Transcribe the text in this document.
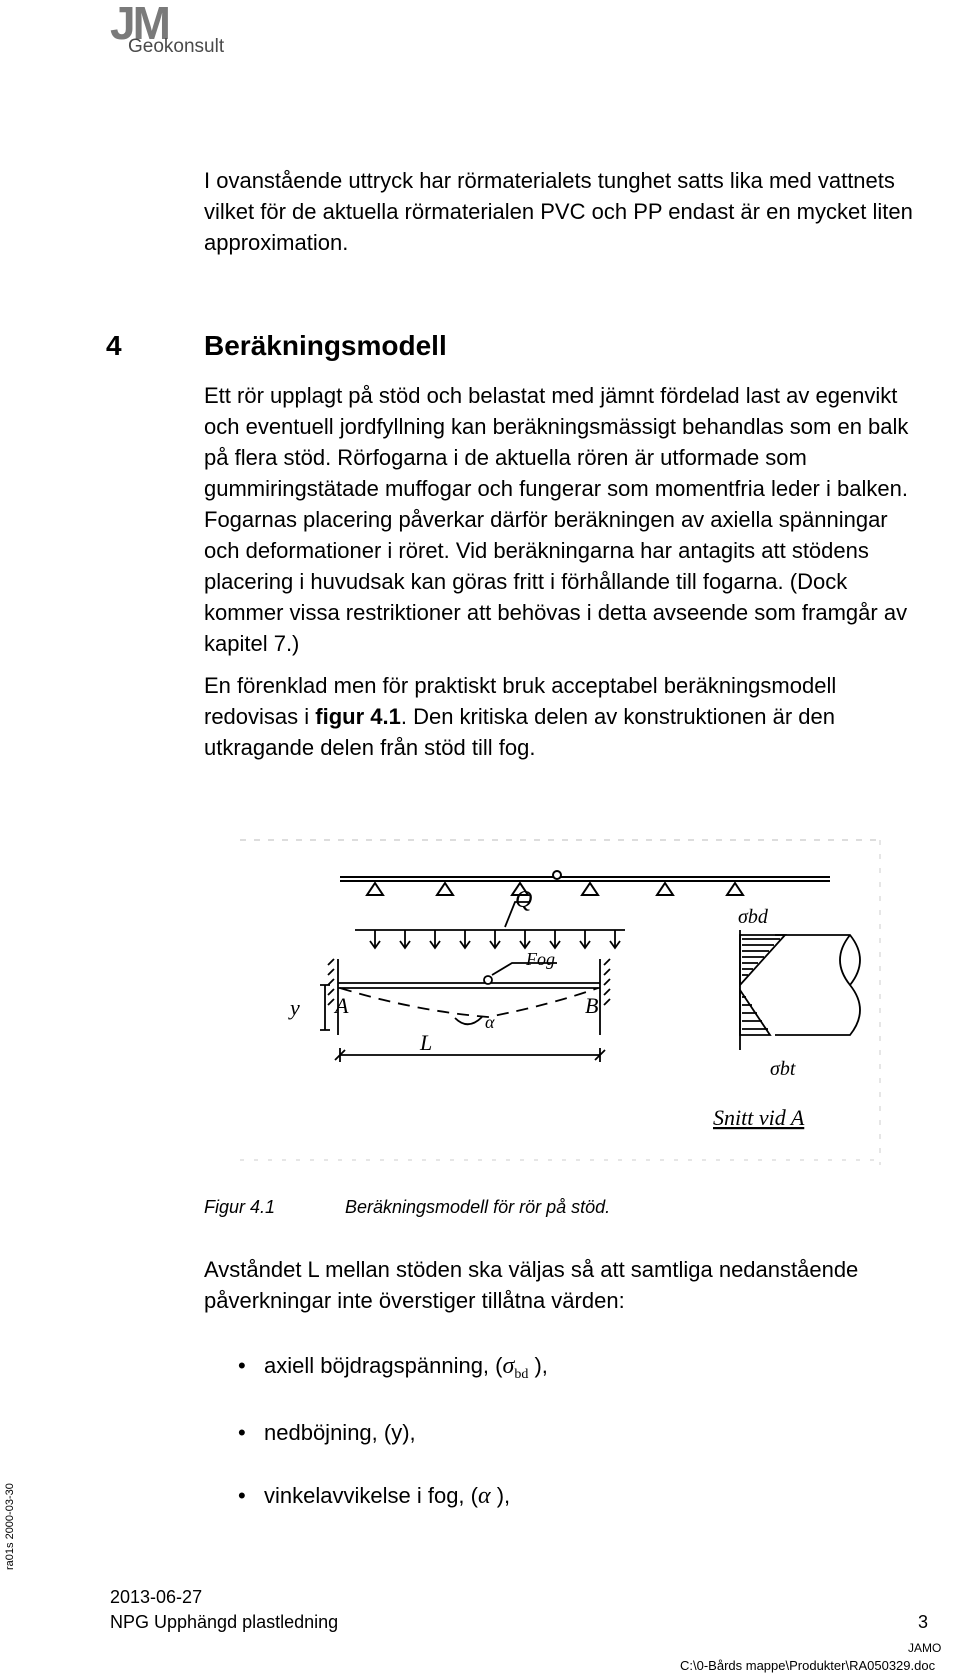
JM
Geokonsult

I ovanstående uttryck har rörmaterialets tunghet satts lika med vattnets vilket för de aktuella rörmaterialen PVC och PP endast är en mycket liten approximation.

4	Beräkningsmodell

Ett rör upplagt på stöd och belastat med jämnt fördelad last av egenvikt och eventuell jordfyllning kan beräkningsmässigt behandlas som en balk på flera stöd. Rörfogarna i de aktuella rören är utformade som gummiringstätade muffogar och fungerar som momentfria leder i balken. Fogarnas placering påverkar därför beräkningen av axiella spänningar och deformationer i röret. Vid beräkningarna har antagits att stödens placering i huvudsak kan göras fritt i förhållande till fogarna. (Dock kommer vissa restriktioner att behövas i detta avseende som framgår av kapitel 7.)

En förenklad men för praktiskt bruk acceptabel beräkningsmodell redovisas i figur 4.1. Den kritiska delen av konstruktionen är den utkragande delen från stöd till fog.

Q
Fog
y A	B
L
α
σbd
σbt
Snitt vid A
Figur 4.1	Beräkningsmodell för rör på stöd.

Avståndet L mellan stöden ska väljas så att samtliga nedanstående påverkningar inte överstiger tillåtna värden:

• axiell böjdragspänning, ($\sigma_{bd}$ ),
• nedböjning, (y),
• vinkelavvikelse i fog, (α ),
ra01s 2000-03-30
2013-06-27
NPG Upphängd plastledning	3
JAMO
C:\0-Bårds mappe\Produkter\RA050329.doc
